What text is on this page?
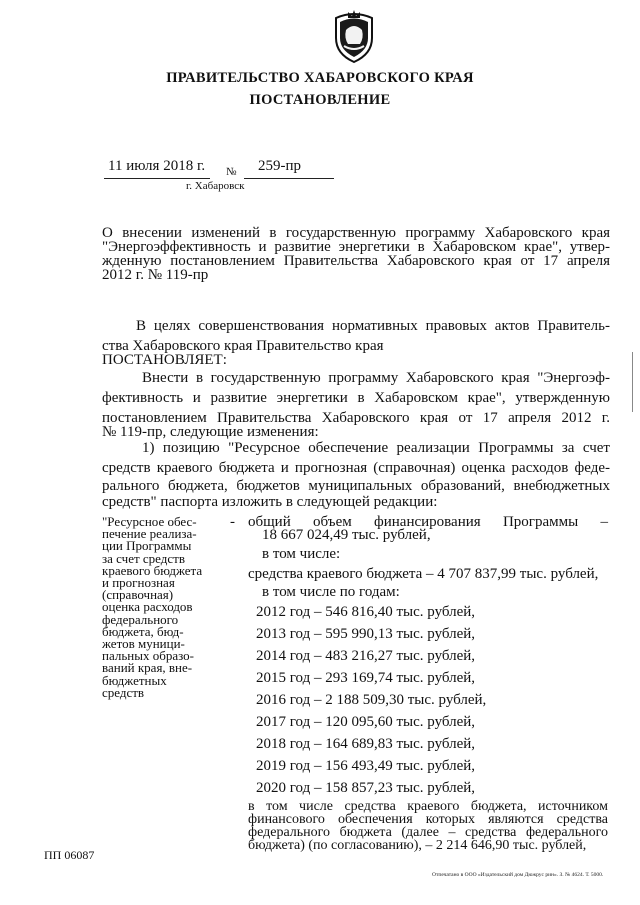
ПРАВИТЕЛЬСТВО ХАБАРОВСКОГО КРАЯ
ПОСТАНОВЛЕНИЕ
11 июля 2018 г. № 259-пр
г. Хабаровск
О внесении изменений в государственную программу Хабаровского края
"Энергоэффективность и развитие энергетики в Хабаровском крае", утвер-
жденную постановлением Правительства Хабаровского края от 17 апреля
2012 г. № 119-пр
В целях совершенствования нормативных правовых актов Правитель-
ства Хабаровского края Правительство края
ПОСТАНОВЛЯЕТ:
Внести в государственную программу Хабаровского края "Энергоэф-
фективность и развитие энергетики в Хабаровском крае", утвержденную
постановлением Правительства Хабаровского края от 17 апреля 2012 г.
№ 119-пр, следующие изменения:
1) позицию "Ресурсное обеспечение реализации Программы за счет
средств краевого бюджета и прогнозная (справочная) оценка расходов феде-
рального бюджета, бюджетов муниципальных образований, внебюджетных
средств" паспорта изложить в следующей редакции:
"Ресурсное обес-
печение реализа-
ции Программы
за счет средств
краевого бюджета
и прогнозная
(справочная)
оценка расходов
федерального
бюджета, бюд-
жетов муници-
пальных образо-
ваний края, вне-
бюджетных
средств
- общий объем финансирования Программы –
18 667 024,49 тыс. рублей,
в том числе:
средства краевого бюджета – 4 707 837,99 тыс. рублей,
в том числе по годам:
2012 год – 546 816,40 тыс. рублей,
2013 год – 595 990,13 тыс. рублей,
2014 год – 483 216,27 тыс. рублей,
2015 год – 293 169,74 тыс. рублей,
2016 год – 2 188 509,30 тыс. рублей,
2017 год – 120 095,60 тыс. рублей,
2018 год – 164 689,83 тыс. рублей,
2019 год – 156 493,49 тыс. рублей,
2020 год – 158 857,23 тыс. рублей,
в том числе средства краевого бюджета, источником
финансового обеспечения которых являются средства
федерального бюджета (далее – средства федерального
бюджета) (по согласованию), – 2 214 646,90 тыс. рублей,
ПП 06087
Отпечатано в ООО «Издательский дом Дюжрус рин». З. № 4624. Т. 5000.
